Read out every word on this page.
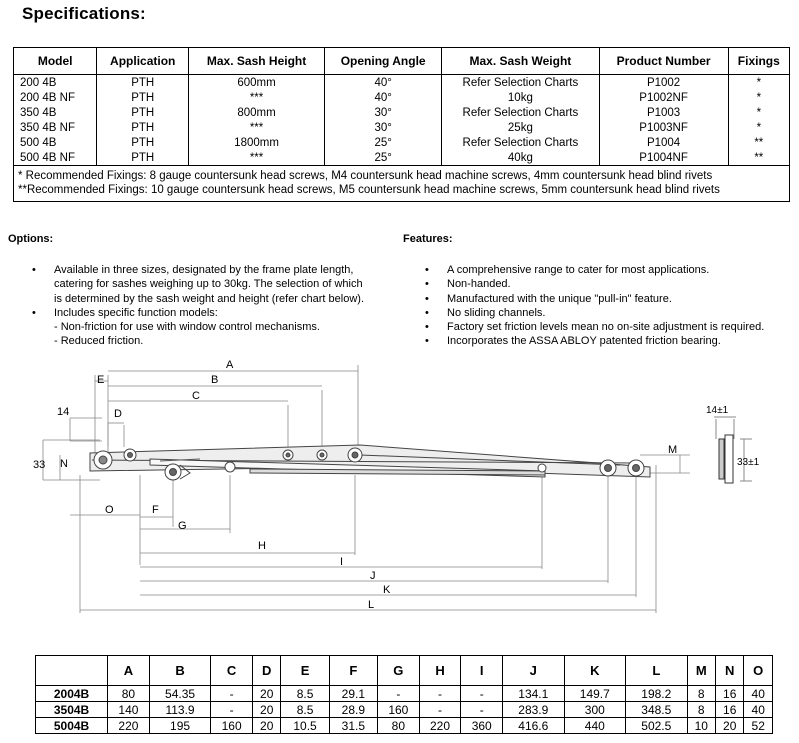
Specifications:
Model	Application	Max. Sash Height	Opening Angle	Max. Sash Weight	Product Number	Fixings
200 4B	PTH	600mm	40°	Refer Selection Charts	P1002	*
200 4B NF	PTH	***	40°	10kg	P1002NF	*
350 4B	PTH	800mm	30°	Refer Selection Charts	P1003	*
350 4B NF	PTH	***	30°	25kg	P1003NF	*
500 4B	PTH	1800mm	25°	Refer Selection Charts	P1004	**
500 4B NF	PTH	***	25°	40kg	P1004NF	**

* Recommended Fixings: 8 gauge countersunk head screws, M4 countersunk head machine screws, 4mm countersunk head blind rivets
**Recommended Fixings: 10 gauge countersunk head screws, M5 countersunk head machine screws, 5mm countersunk head blind rivets						
Options:	Features:
• Available in three sizes, designated by the frame plate length,
catering for sashes weighing up to 30kg. The selection of which
is determined by the sash weight and height (refer chart below).
• Includes specific function models:
- Non-friction for use with window control mechanisms.
- Reduced friction.
• A comprehensive range to cater for most applications.
• Non-handed.
• Manufactured with the unique "pull-in" feature.
• No sliding channels.
• Factory set friction levels mean no on-site adjustment is required.
• Incorporates the ASSA ABLOY patented friction bearing.
A
B
C
D
E
F
G
H
I
J
K
L
M
N
O
14
33
14±1
33±1
	A	B	C	D	E	F	G	H	I	J	K	L	M	N	O
2004B	80	54.35	-	20	8.5	29.1	-	-	-	134.1	149.7	198.2	8	16	40
3504B	140	113.9	-	20	8.5	28.9	160	-	-	283.9	300	348.5	8	16	40
5004B	220	195	160	20	10.5	31.5	80	220	360	416.6	440	502.5	10	20	52
